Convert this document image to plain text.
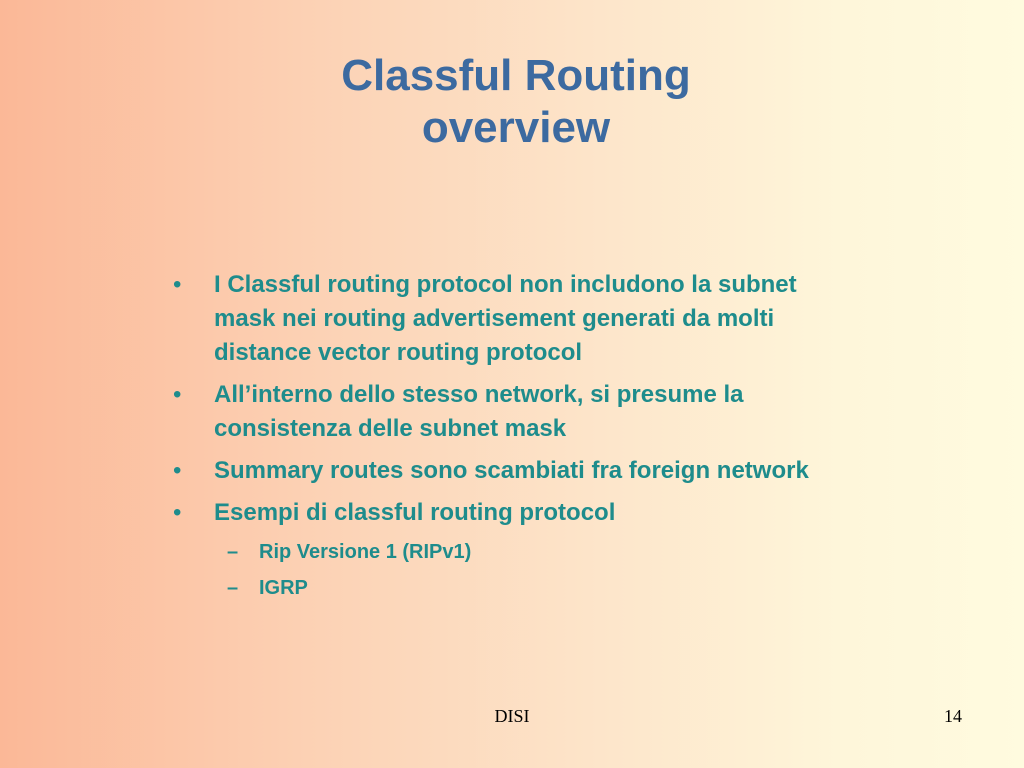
Classful Routing
overview
• I Classful routing protocol non includono la subnet mask nei routing advertisement generati da molti distance vector routing protocol
• All’interno dello stesso network, si presume la consistenza delle subnet mask
• Summary routes sono scambiati fra foreign network
• Esempi di classful routing protocol
– Rip Versione 1 (RIPv1)
– IGRP
DISI	14
